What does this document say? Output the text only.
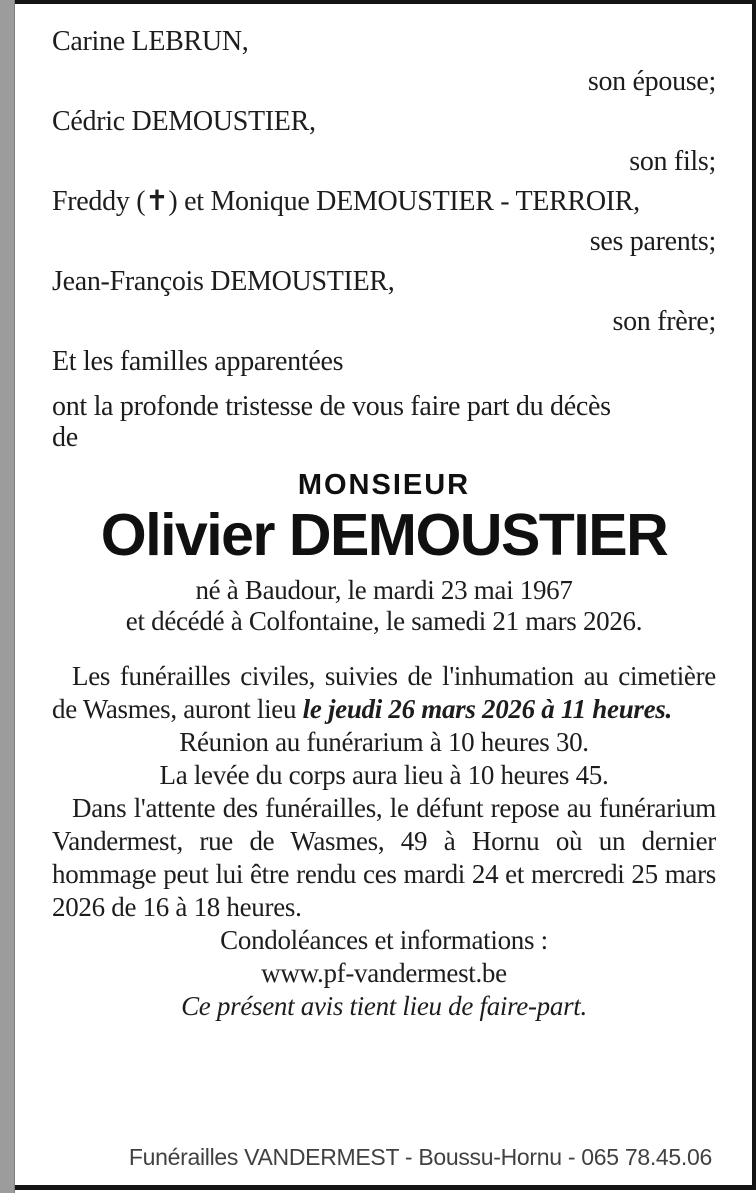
Carine LEBRUN,
son épouse;
Cédric DEMOUSTIER,
son fils;
Freddy (✝) et Monique DEMOUSTIER - TERROIR,
ses parents;
Jean-François DEMOUSTIER,
son frère;
Et les familles apparentées
ont la profonde tristesse de vous faire part du décès
de
MONSIEUR
Olivier DEMOUSTIER
né à Baudour, le mardi 23 mai 1967
et décédé à Colfontaine, le samedi 21 mars 2026.

Les funérailles civiles, suivies de l'inhumation au cimetière de Wasmes, auront lieu le jeudi 26 mars 2026 à 11 heures.

Réunion au funérarium à 10 heures 30.
La levée du corps aura lieu à 10 heures 45.

Dans l'attente des funérailles, le défunt repose au funérarium Vandermest, rue de Wasmes, 49 à Hornu où un dernier hommage peut lui être rendu ces mardi 24 et mercredi 25 mars 2026 de 16 à 18 heures.

Condoléances et informations :
www.pf-vandermest.be
Ce présent avis tient lieu de faire-part.
Funérailles VANDERMEST - Boussu-Hornu - 065 78.45.06
